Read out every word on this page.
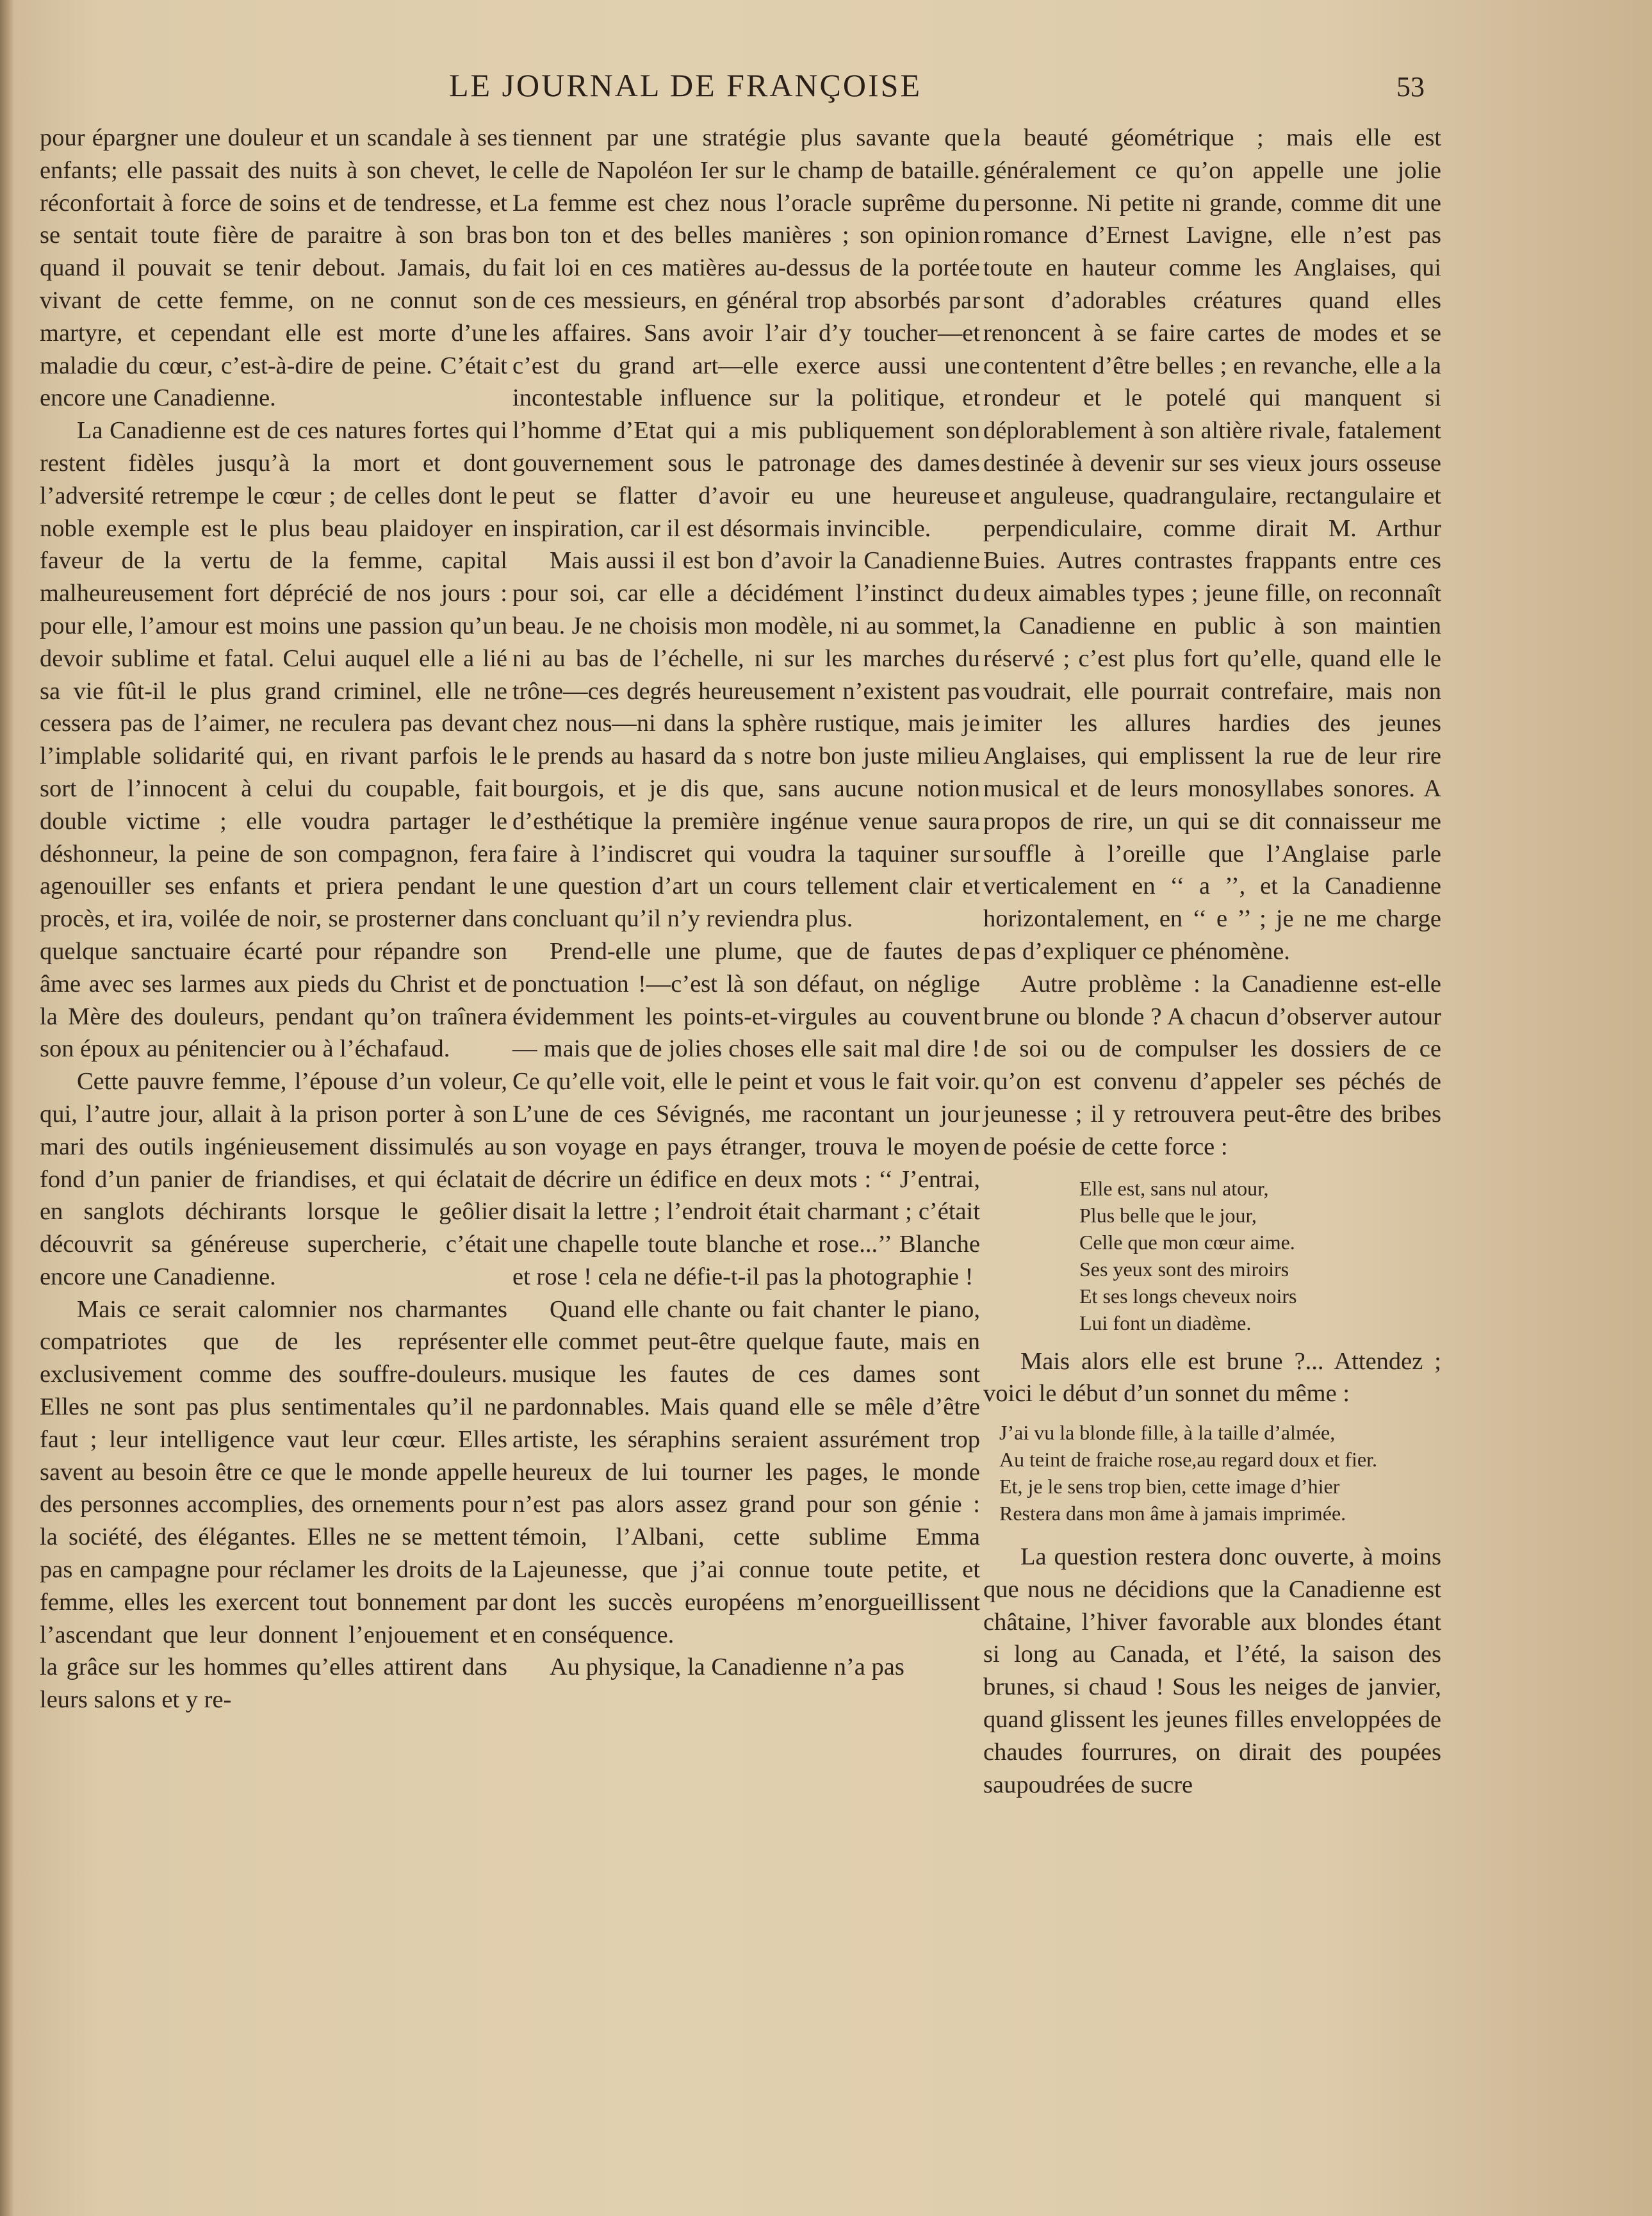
LE JOURNAL DE FRANÇOISE	53

pour épargner une douleur et un scandale à ses enfants; elle passait des nuits à son chevet, le réconfortait à force de soins et de tendresse, et se sentait toute fière de paraitre à son bras quand il pouvait se tenir debout. Jamais, du vivant de cette femme, on ne connut son martyre, et cependant elle est morte d’une maladie du cœur, c’est-à-dire de peine. C’était encore une Canadienne.

La Canadienne est de ces natures fortes qui restent fidèles jusqu’à la mort et dont l’adversité retrempe le cœur ; de celles dont le noble exemple est le plus beau plaidoyer en faveur de la vertu de la femme, capital malheureusement fort déprécié de nos jours : pour elle, l’amour est moins une passion qu’un devoir sublime et fatal. Celui auquel elle a lié sa vie fût-il le plus grand criminel, elle ne cessera pas de l’aimer, ne reculera pas devant l’implable solidarité qui, en rivant parfois le sort de l’innocent à celui du coupable, fait double victime ; elle voudra partager le déshonneur, la peine de son compagnon, fera agenouiller ses enfants et priera pendant le procès, et ira, voilée de noir, se prosterner dans quelque sanctuaire écarté pour répandre son âme avec ses larmes aux pieds du Christ et de la Mère des douleurs, pendant qu’on traînera son époux au pénitencier ou à l’échafaud.

Cette pauvre femme, l’épouse d’un voleur, qui, l’autre jour, allait à la prison porter à son mari des outils ingénieusement dissimulés au fond d’un panier de friandises, et qui éclatait en sanglots déchirants lorsque le geôlier découvrit sa généreuse supercherie, c’était encore une Canadienne.

Mais ce serait calomnier nos charmantes compatriotes que de les représenter exclusivement comme des souffre-douleurs. Elles ne sont pas plus sentimentales qu’il ne faut ; leur intelligence vaut leur cœur. Elles savent au besoin être ce que le monde appelle des personnes accomplies, des ornements pour la société, des élégantes. Elles ne se mettent pas en campagne pour réclamer les droits de la femme, elles les exercent tout bonnement par l’ascendant que leur donnent l’enjouement et la grâce sur les hommes qu’elles attirent dans leurs salons et y re-

tiennent par une stratégie plus savante que celle de Napoléon Ier sur le champ de bataille. La femme est chez nous l’oracle suprême du bon ton et des belles manières ; son opinion fait loi en ces matières au-dessus de la portée de ces messieurs, en général trop absorbés par les affaires. Sans avoir l’air d’y toucher—et c’est du grand art—elle exerce aussi une incontestable influence sur la politique, et l’homme d’Etat qui a mis publiquement son gouvernement sous le patronage des dames peut se flatter d’avoir eu une heureuse inspiration, car il est désormais invincible.

Mais aussi il est bon d’avoir la Canadienne pour soi, car elle a décidément l’instinct du beau. Je ne choisis mon modèle, ni au sommet, ni au bas de l’échelle, ni sur les marches du trône—ces degrés heureusement n’existent pas chez nous—ni dans la sphère rustique, mais je le prends au hasard da s notre bon juste milieu bourgois, et je dis que, sans aucune notion d’esthétique la première ingénue venue saura faire à l’indiscret qui voudra la taquiner sur une question d’art un cours tellement clair et concluant qu’il n’y reviendra plus.

Prend-elle une plume, que de fautes de ponctuation !—c’est là son défaut, on néglige évidemment les points-et-virgules au couvent — mais que de jolies choses elle sait mal dire ! Ce qu’elle voit, elle le peint et vous le fait voir. L’une de ces Sévignés, me racontant un jour son voyage en pays étranger, trouva le moyen de décrire un édifice en deux mots : ‘‘ J’entrai, disait la lettre ; l’endroit était charmant ; c’était une chapelle toute blanche et rose...’’ Blanche et rose ! cela ne défie-t-il pas la photographie !

Quand elle chante ou fait chanter le piano, elle commet peut-être quelque faute, mais en musique les fautes de ces dames sont pardonnables. Mais quand elle se mêle d’être artiste, les séraphins seraient assurément trop heureux de lui tourner les pages, le monde n’est pas alors assez grand pour son génie : témoin, l’Albani, cette sublime Emma Lajeunesse, que j’ai connue toute petite, et dont les succès européens m’enorgueillissent en conséquence.

Au physique, la Canadienne n’a pas

la beauté géométrique ; mais elle est généralement ce qu’on appelle une jolie personne. Ni petite ni grande, comme dit une romance d’Ernest Lavigne, elle n’est pas toute en hauteur comme les Anglaises, qui sont d’adorables créatures quand elles renoncent à se faire cartes de modes et se contentent d’être belles ; en revanche, elle a la rondeur et le potelé qui manquent si déplorablement à son altière rivale, fatalement destinée à devenir sur ses vieux jours osseuse et anguleuse, quadrangulaire, rectangulaire et perpendiculaire, comme dirait M. Arthur Buies. Autres contrastes frappants entre ces deux aimables types ; jeune fille, on reconnaît la Canadienne en public à son maintien réservé ; c’est plus fort qu’elle, quand elle le voudrait, elle pourrait contrefaire, mais non imiter les allures hardies des jeunes Anglaises, qui emplissent la rue de leur rire musical et de leurs monosyllabes sonores. A propos de rire, un qui se dit connaisseur me souffle à l’oreille que l’Anglaise parle verticalement en ‘‘ a ’’, et la Canadienne horizontalement, en ‘‘ e ’’ ; je ne me charge pas d’expliquer ce phénomène.

Autre problème : la Canadienne est-elle brune ou blonde ? A chacun d’observer autour de soi ou de compulser les dossiers de ce qu’on est convenu d’appeler ses péchés de jeunesse ; il y retrouvera peut-être des bribes de poésie de cette force :

Elle est, sans nul atour,
Plus belle que le jour,
Celle que mon cœur aime.
Ses yeux sont des miroirs
Et ses longs cheveux noirs
Lui font un diadème.

Mais alors elle est brune ?... Attendez ; voici le début d’un sonnet du même :

J’ai vu la blonde fille, à la taille d’almée,
Au teint de fraiche rose,au regard doux et fier.
Et, je le sens trop bien, cette image d’hier
Restera dans mon âme à jamais imprimée.

La question restera donc ouverte, à moins que nous ne décidions que la Canadienne est châtaine, l’hiver favorable aux blondes étant si long au Canada, et l’été, la saison des brunes, si chaud ! Sous les neiges de janvier, quand glissent les jeunes filles enveloppées de chaudes fourrures, on dirait des poupées saupoudrées de sucre
